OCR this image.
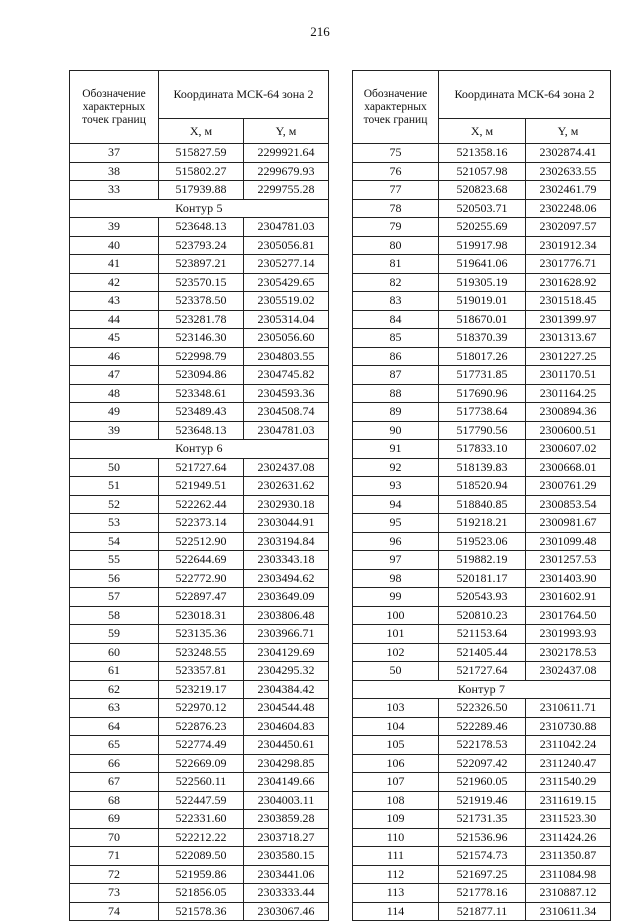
216
Обозначение характерных точек границ	Координата МСК-64 зона 2	
	X, м	Y, м
37	515827.59	2299921.64
38	515802.27	2299679.93
33	517939.88	2299755.28
Контур 5		
39	523648.13	2304781.03
40	523793.24	2305056.81
41	523897.21	2305277.14
42	523570.15	2305429.65
43	523378.50	2305519.02
44	523281.78	2305314.04
45	523146.30	2305056.60
46	522998.79	2304803.55
47	523094.86	2304745.82
48	523348.61	2304593.36
49	523489.43	2304508.74
39	523648.13	2304781.03
Контур 6		
50	521727.64	2302437.08
51	521949.51	2302631.62
52	522262.44	2302930.18
53	522373.14	2303044.91
54	522512.90	2303194.84
55	522644.69	2303343.18
56	522772.90	2303494.62
57	522897.47	2303649.09
58	523018.31	2303806.48
59	523135.36	2303966.71
60	523248.55	2304129.69
61	523357.81	2304295.32
62	523219.17	2304384.42
63	522970.12	2304544.48
64	522876.23	2304604.83
65	522774.49	2304450.61
66	522669.09	2304298.85
67	522560.11	2304149.66
68	522447.59	2304003.11
69	522331.60	2303859.28
70	522212.22	2303718.27
71	522089.50	2303580.15
72	521959.86	2303441.06
73	521856.05	2303333.44
74	521578.36	2303067.46
Обозначение характерных точек границ	Координата МСК-64 зона 2	
	X, м	Y, м
75	521358.16	2302874.41
76	521057.98	2302633.55
77	520823.68	2302461.79
78	520503.71	2302248.06
79	520255.69	2302097.57
80	519917.98	2301912.34
81	519641.06	2301776.71
82	519305.19	2301628.92
83	519019.01	2301518.45
84	518670.01	2301399.97
85	518370.39	2301313.67
86	518017.26	2301227.25
87	517731.85	2301170.51
88	517690.96	2301164.25
89	517738.64	2300894.36
90	517790.56	2300600.51
91	517833.10	2300607.02
92	518139.83	2300668.01
93	518520.94	2300761.29
94	518840.85	2300853.54
95	519218.21	2300981.67
96	519523.06	2301099.48
97	519882.19	2301257.53
98	520181.17	2301403.90
99	520543.93	2301602.91
100	520810.23	2301764.50
101	521153.64	2301993.93
102	521405.44	2302178.53
50	521727.64	2302437.08
Контур 7		
103	522326.50	2310611.71
104	522289.46	2310730.88
105	522178.53	2311042.24
106	522097.42	2311240.47
107	521960.05	2311540.29
108	521919.46	2311619.15
109	521731.35	2311523.30
110	521536.96	2311424.26
111	521574.73	2311350.87
112	521697.25	2311084.98
113	521778.16	2310887.12
114	521877.11	2310611.34
